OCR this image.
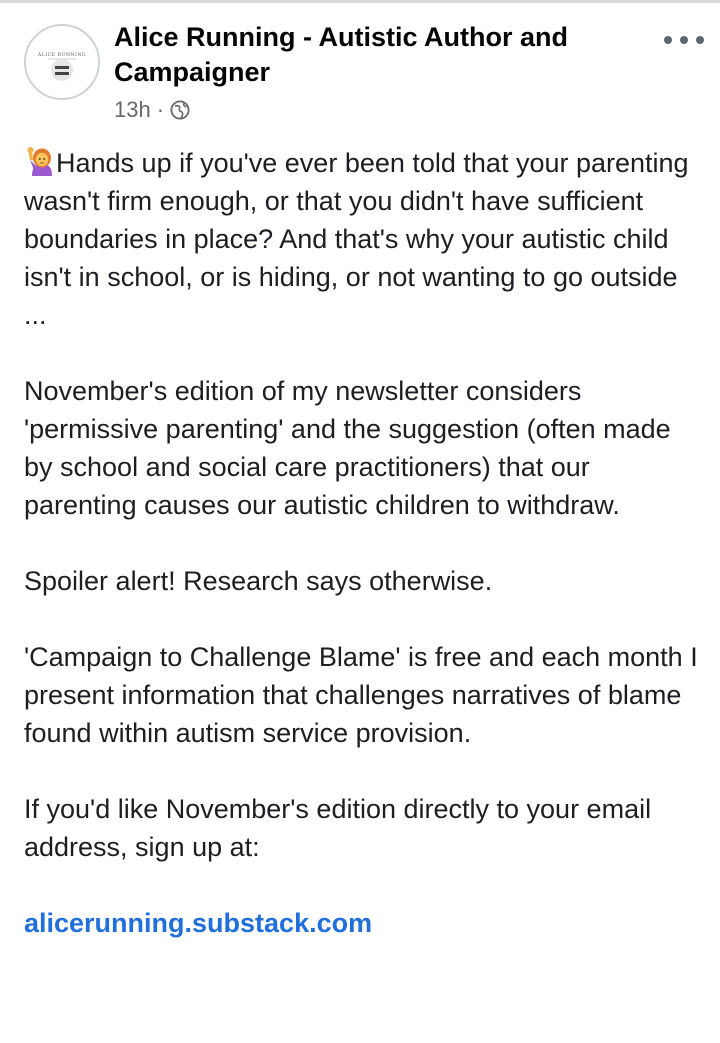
ALICE RUNNING
Alice Running - Autistic Author and Campaigner
13h ·

Hands up if you've ever been told that your parenting wasn't firm enough, or that you didn't have sufficient boundaries in place? And that's why your autistic child isn't in school, or is hiding, or not wanting to go outside ...

November's edition of my newsletter considers 'permissive parenting' and the suggestion (often made by school and social care practitioners) that our parenting causes our autistic children to withdraw.

Spoiler alert! Research says otherwise.

'Campaign to Challenge Blame' is free and each month I present information that challenges narratives of blame found within autism service provision.

If you'd like November's edition directly to your email address, sign up at:

alicerunning.substack.com
